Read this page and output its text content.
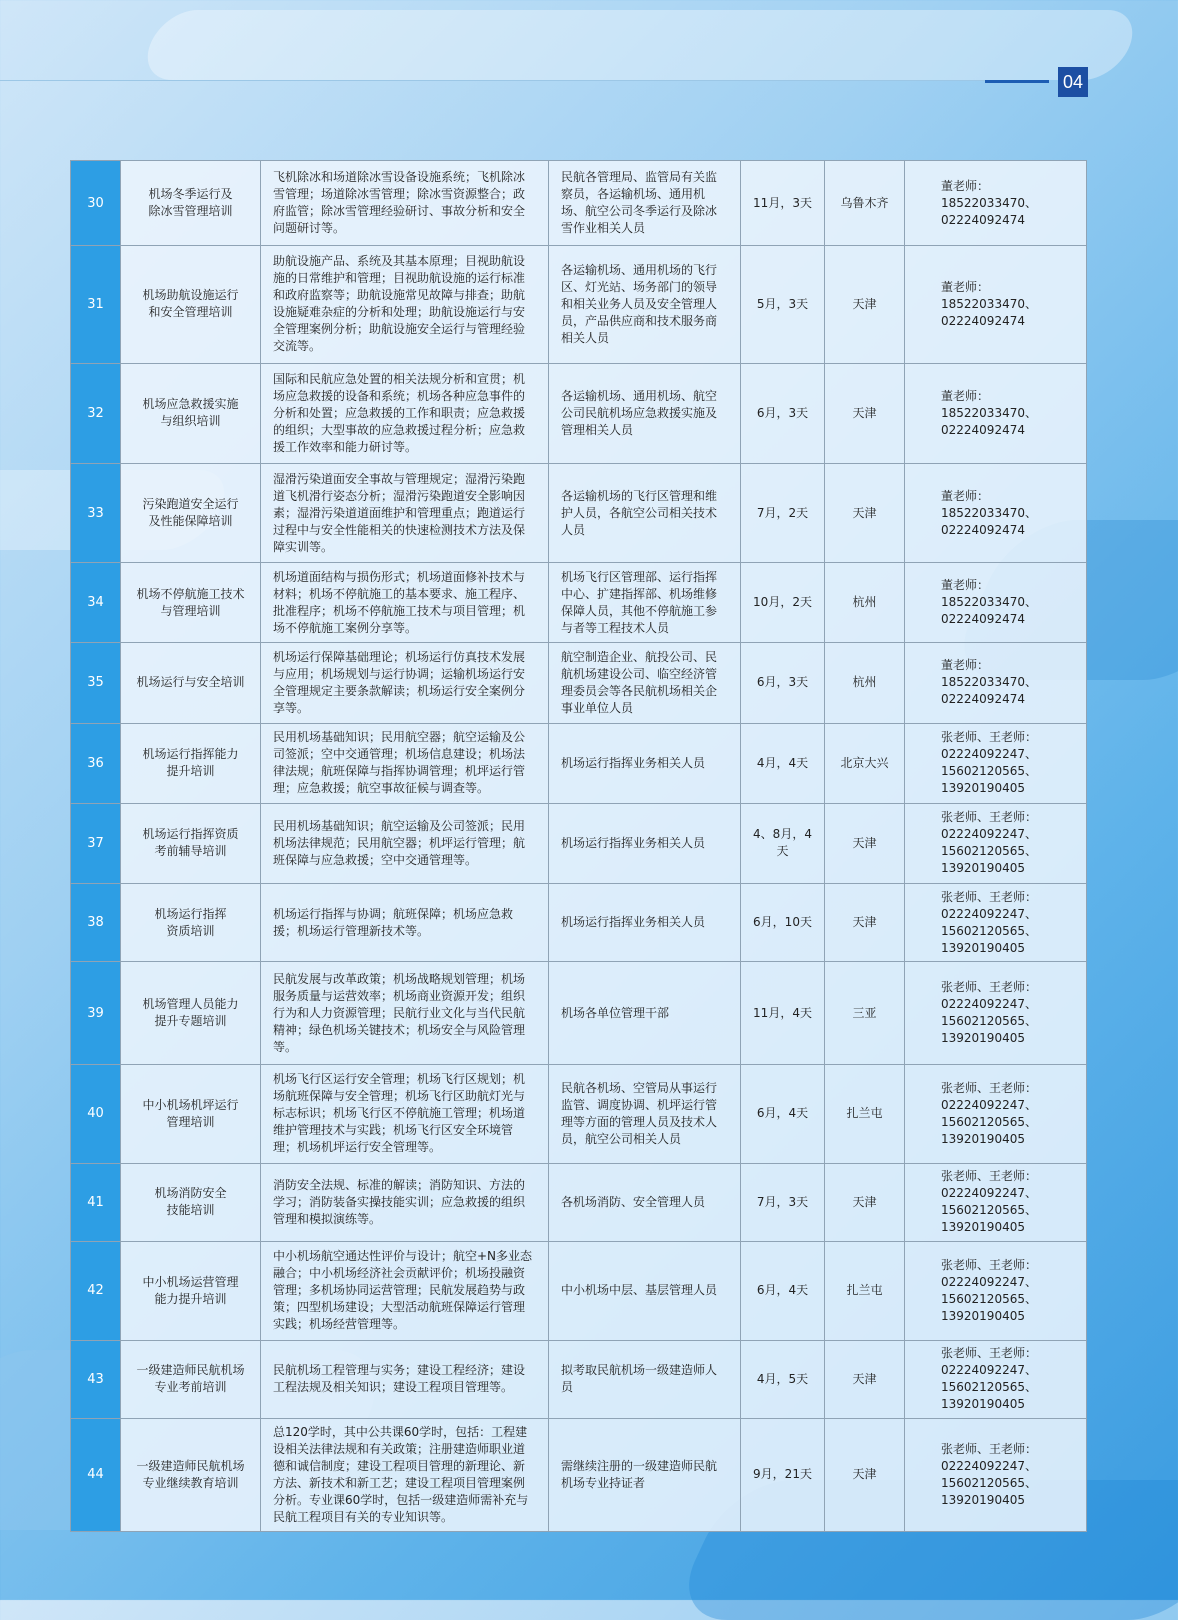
04
30	机场冬季运行及
除冰雪管理培训	飞机除冰和场道除冰雪设备设施系统；飞机除冰雪管理；场道除冰雪管理；除冰雪资源整合；政府监管；除冰雪管理经验研讨、事故分析和安全问题研讨等。	民航各管理局、监管局有关监察员，各运输机场、通用机场、航空公司冬季运行及除冰雪作业相关人员	11月，3天	乌鲁木齐	董老师：18522033470、
02224092474

31	机场助航设施运行
和安全管理培训	助航设施产品、系统及其基本原理；目视助航设施的日常维护和管理；目视助航设施的运行标准和政府监察等；助航设施常见故障与排查；助航设施疑难杂症的分析和处理；助航设施运行与安全管理案例分析；助航设施安全运行与管理经验交流等。	各运输机场、通用机场的飞行区、灯光站、场务部门的领导和相关业务人员及安全管理人员，产品供应商和技术服务商相关人员	5月，3天	天津	董老师：18522033470、
02224092474

32	机场应急救援实施
与组织培训	国际和民航应急处置的相关法规分析和宣贯；机场应急救援的设备和系统；机场各种应急事件的分析和处置；应急救援的工作和职责；应急救援的组织；大型事故的应急救援过程分析；应急救援工作效率和能力研讨等。	各运输机场、通用机场、航空公司民航机场应急救援实施及管理相关人员	6月，3天	天津	董老师：18522033470、
02224092474

33	污染跑道安全运行
及性能保障培训	湿滑污染道面安全事故与管理规定；湿滑污染跑道飞机滑行姿态分析；湿滑污染跑道安全影响因素；湿滑污染道道面维护和管理重点；跑道运行过程中与安全性能相关的快速检测技术方法及保障实训等。	各运输机场的飞行区管理和维护人员，各航空公司相关技术人员	7月，2天	天津	董老师：18522033470、
02224092474

34	机场不停航施工技术
与管理培训	机场道面结构与损伤形式；机场道面修补技术与材料；机场不停航施工的基本要求、施工程序、批准程序；机场不停航施工技术与项目管理；机场不停航施工案例分享等。	机场飞行区管理部、运行指挥中心、扩建指挥部、机场维修保障人员，其他不停航施工参与者等工程技术人员	10月，2天	杭州	董老师：18522033470、
02224092474

35	机场运行与安全培训	机场运行保障基础理论；机场运行仿真技术发展与应用；机场规划与运行协调；运输机场运行安全管理规定主要条款解读；机场运行安全案例分享等。	航空制造企业、航投公司、民航机场建设公司、临空经济管理委员会等各民航机场相关企事业单位人员	6月，3天	杭州	董老师：18522033470、
02224092474

36	机场运行指挥能力
提升培训	民用机场基础知识；民用航空器；航空运输及公司签派；空中交通管理；机场信息建设；机场法律法规；航班保障与指挥协调管理；机坪运行管理；应急救援；航空事故征候与调查等。	机场运行指挥业务相关人员	4月，4天	北京大兴	张老师、王老师：
02224092247、
15602120565、
13920190405

37	机场运行指挥资质
考前辅导培训	民用机场基础知识；航空运输及公司签派；民用机场法律规范；民用航空器；机坪运行管理；航班保障与应急救援；空中交通管理等。	机场运行指挥业务相关人员	4、8月，4天	天津	张老师、王老师：
02224092247、
15602120565、
13920190405

38	机场运行指挥
资质培训	机场运行指挥与协调；航班保障；机场应急救援；机场运行管理新技术等。	机场运行指挥业务相关人员	6月，10天	天津	张老师、王老师：
02224092247、
15602120565、
13920190405

39	机场管理人员能力
提升专题培训	民航发展与改革政策；机场战略规划管理；机场服务质量与运营效率；机场商业资源开发；组织行为和人力资源管理；民航行业文化与当代民航精神；绿色机场关键技术；机场安全与风险管理等。	机场各单位管理干部	11月，4天	三亚	张老师、王老师：
02224092247、
15602120565、
13920190405

40	中小机场机坪运行
管理培训	机场飞行区运行安全管理；机场飞行区规划；机场航班保障与安全管理；机场飞行区助航灯光与标志标识；机场飞行区不停航施工管理；机场道维护管理技术与实践；机场飞行区安全环境管理；机场机坪运行安全管理等。	民航各机场、空管局从事运行监管、调度协调、机坪运行管理等方面的管理人员及技术人员，航空公司相关人员	6月，4天	扎兰屯	张老师、王老师：
02224092247、
15602120565、
13920190405

41	机场消防安全
技能培训	消防安全法规、标准的解读；消防知识、方法的学习；消防装备实操技能实训；应急救援的组织管理和模拟演练等。	各机场消防、安全管理人员	7月，3天	天津	张老师、王老师：
02224092247、
15602120565、
13920190405

42	中小机场运营管理
能力提升培训	中小机场航空通达性评价与设计；航空+N多业态融合；中小机场经济社会贡献评价；机场投融资管理；多机场协同运营管理；民航发展趋势与政策；四型机场建设；大型活动航班保障运行管理实践；机场经营管理等。	中小机场中层、基层管理人员	6月，4天	扎兰屯	张老师、王老师：
02224092247、
15602120565、
13920190405

43	一级建造师民航机场
专业考前培训	民航机场工程管理与实务；建设工程经济；建设工程法规及相关知识；建设工程项目管理等。	拟考取民航机场一级建造师人员	4月，5天	天津	张老师、王老师：
02224092247、
15602120565、
13920190405

44	一级建造师民航机场
专业继续教育培训	总120学时，其中公共课60学时，包括：工程建设相关法律法规和有关政策；注册建造师职业道德和诚信制度；建设工程项目管理的新理论、新方法、新技术和新工艺；建设工程项目管理案例分析。专业课60学时，包括一级建造师需补充与民航工程项目有关的专业知识等。	需继续注册的一级建造师民航机场专业持证者	9月，21天	天津	张老师、王老师：
02224092247、
15602120565、
13920190405
